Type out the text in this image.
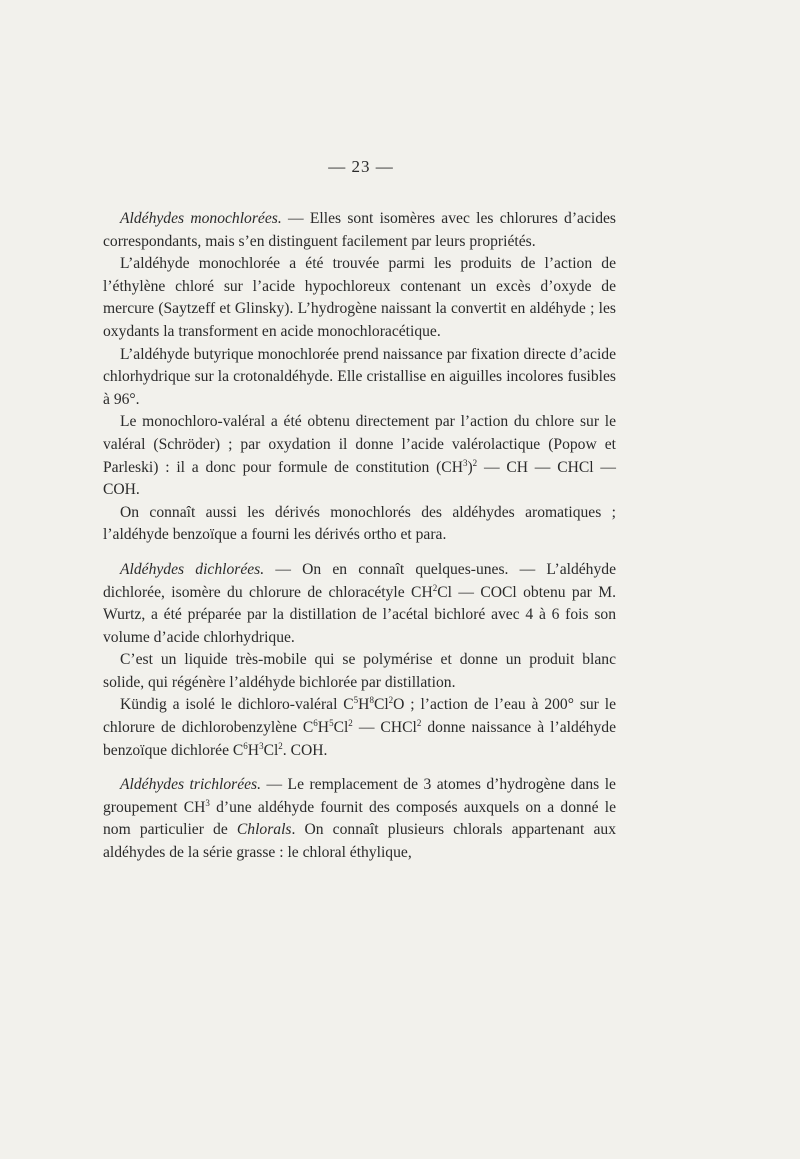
— 23 —

Aldéhydes monochlorées. — Elles sont isomères avec les chlorures d’acides correspondants, mais s’en distinguent facilement par leurs propriétés.

L’aldéhyde monochlorée a été trouvée parmi les produits de l’action de l’éthylène chloré sur l’acide hypochloreux contenant un excès d’oxyde de mercure (Saytzeff et Glinsky). L’hydrogène naissant la convertit en aldéhyde ; les oxydants la transforment en acide monochloracétique.

L’aldéhyde butyrique monochlorée prend naissance par fixation directe d’acide chlorhydrique sur la crotonaldéhyde. Elle cristallise en aiguilles incolores fusibles à 96°.

Le monochloro-valéral a été obtenu directement par l’action du chlore sur le valéral (Schröder) ; par oxydation il donne l’acide valérolactique (Popow et Parleski) : il a donc pour formule de constitution $(CH^3)^2$ — CH — CHCl — COH.

On connaît aussi les dérivés monochlorés des aldéhydes aromatiques ; l’aldéhyde benzoïque a fourni les dérivés ortho et para.

Aldéhydes dichlorées. — On en connaît quelques-unes. — L’aldéhyde dichlorée, isomère du chlorure de chloracétyle $CH^2Cl$ — COCl obtenu par M. Wurtz, a été préparée par la distillation de l’acétal bichloré avec 4 à 6 fois son volume d’acide chlorhydrique.

C’est un liquide très-mobile qui se polymérise et donne un produit blanc solide, qui régénère l’aldéhyde bichlorée par distillation.

Kündig a isolé le dichloro-valéral $C^5H^8Cl^2O$ ; l’action de l’eau à 200° sur le chlorure de dichlorobenzylène $C^6H^5Cl^2$ — CHCl$^2$ donne naissance à l’aldéhyde benzoïque dichlorée $C^6H^3Cl^2$. COH.

Aldéhydes trichlorées. — Le remplacement de 3 atomes d’hydrogène dans le groupement $CH^3$ d’une aldéhyde fournit des composés auxquels on a donné le nom particulier de Chlorals. On connaît plusieurs chlorals appartenant aux aldéhydes de la série grasse : le chloral éthylique,
